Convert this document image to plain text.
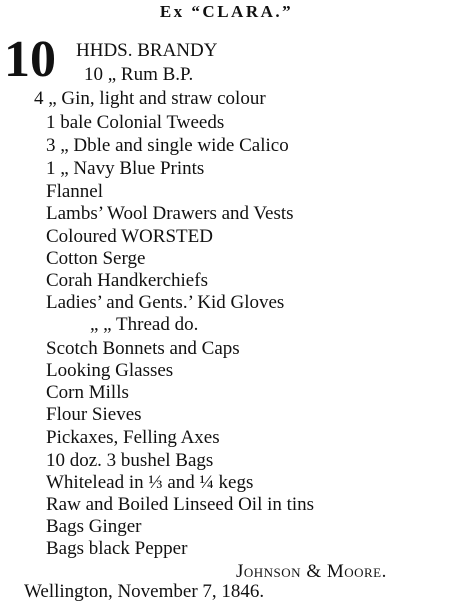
Ex “CLARA.”
10 HHDS. BRANDY
10 „ Rum B.P.
4 „ Gin, light and straw colour
1 bale Colonial Tweeds
3 „ Dble and single wide Calico
1 „ Navy Blue Prints
Flannel
Lambs’ Wool Drawers and Vests
Coloured WORSTED
Cotton Serge
Corah Handkerchiefs
Ladies’ and Gents.’ Kid Gloves
„ „ Thread do.
Scotch Bonnets and Caps
Looking Glasses
Corn Mills
Flour Sieves
Pickaxes, Felling Axes
10 doz. 3 bushel Bags
Whitelead in ⅓ and ¼ kegs
Raw and Boiled Linseed Oil in tins
Bags Ginger
Bags black Pepper
Johnson & Moore.
Wellington, November 7, 1846.
